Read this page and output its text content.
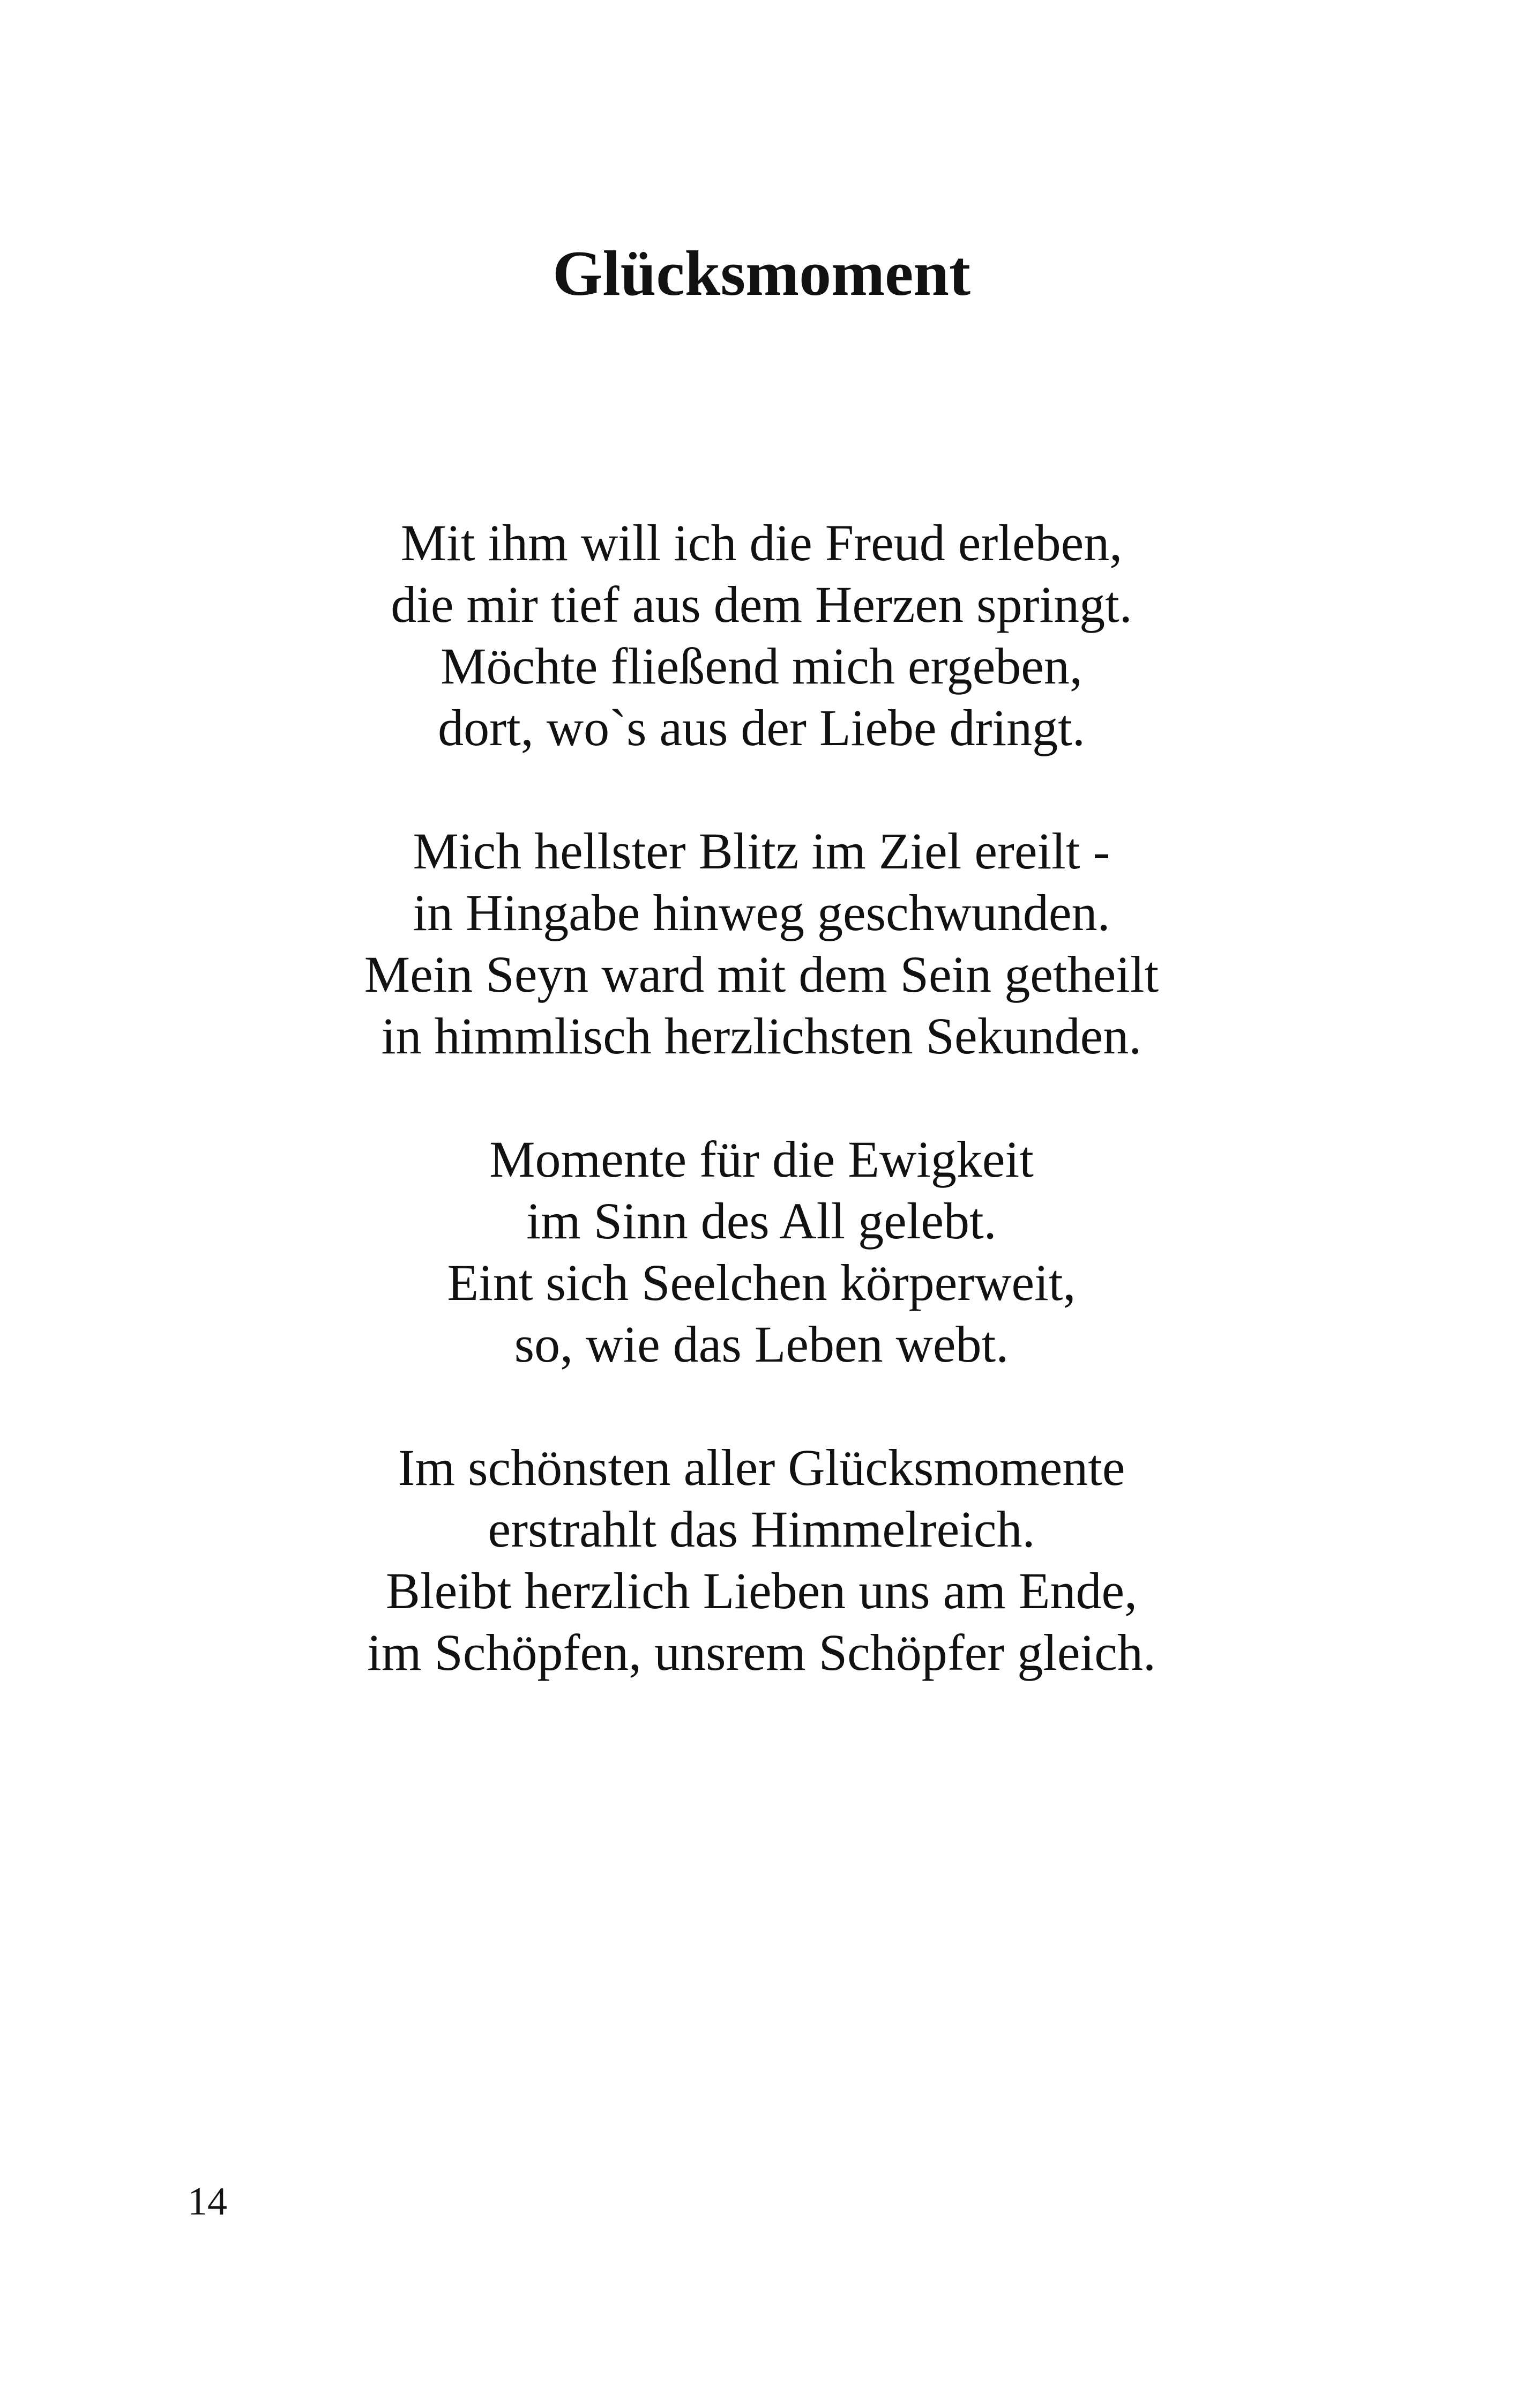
Glücksmoment
Mit ihm will ich die Freud erleben,
die mir tief aus dem Herzen springt.
Möchte fließend mich ergeben,
dort, wo`s aus der Liebe dringt.
Mich hellster Blitz im Ziel ereilt -
in Hingabe hinweg geschwunden.
Mein Seyn ward mit dem Sein getheilt
in himmlisch herzlichsten Sekunden.
Momente für die Ewigkeit
im Sinn des All gelebt.
Eint sich Seelchen körperweit,
so, wie das Leben webt.
Im schönsten aller Glücksmomente
erstrahlt das Himmelreich.
Bleibt herzlich Lieben uns am Ende,
im Schöpfen, unsrem Schöpfer gleich.
14
